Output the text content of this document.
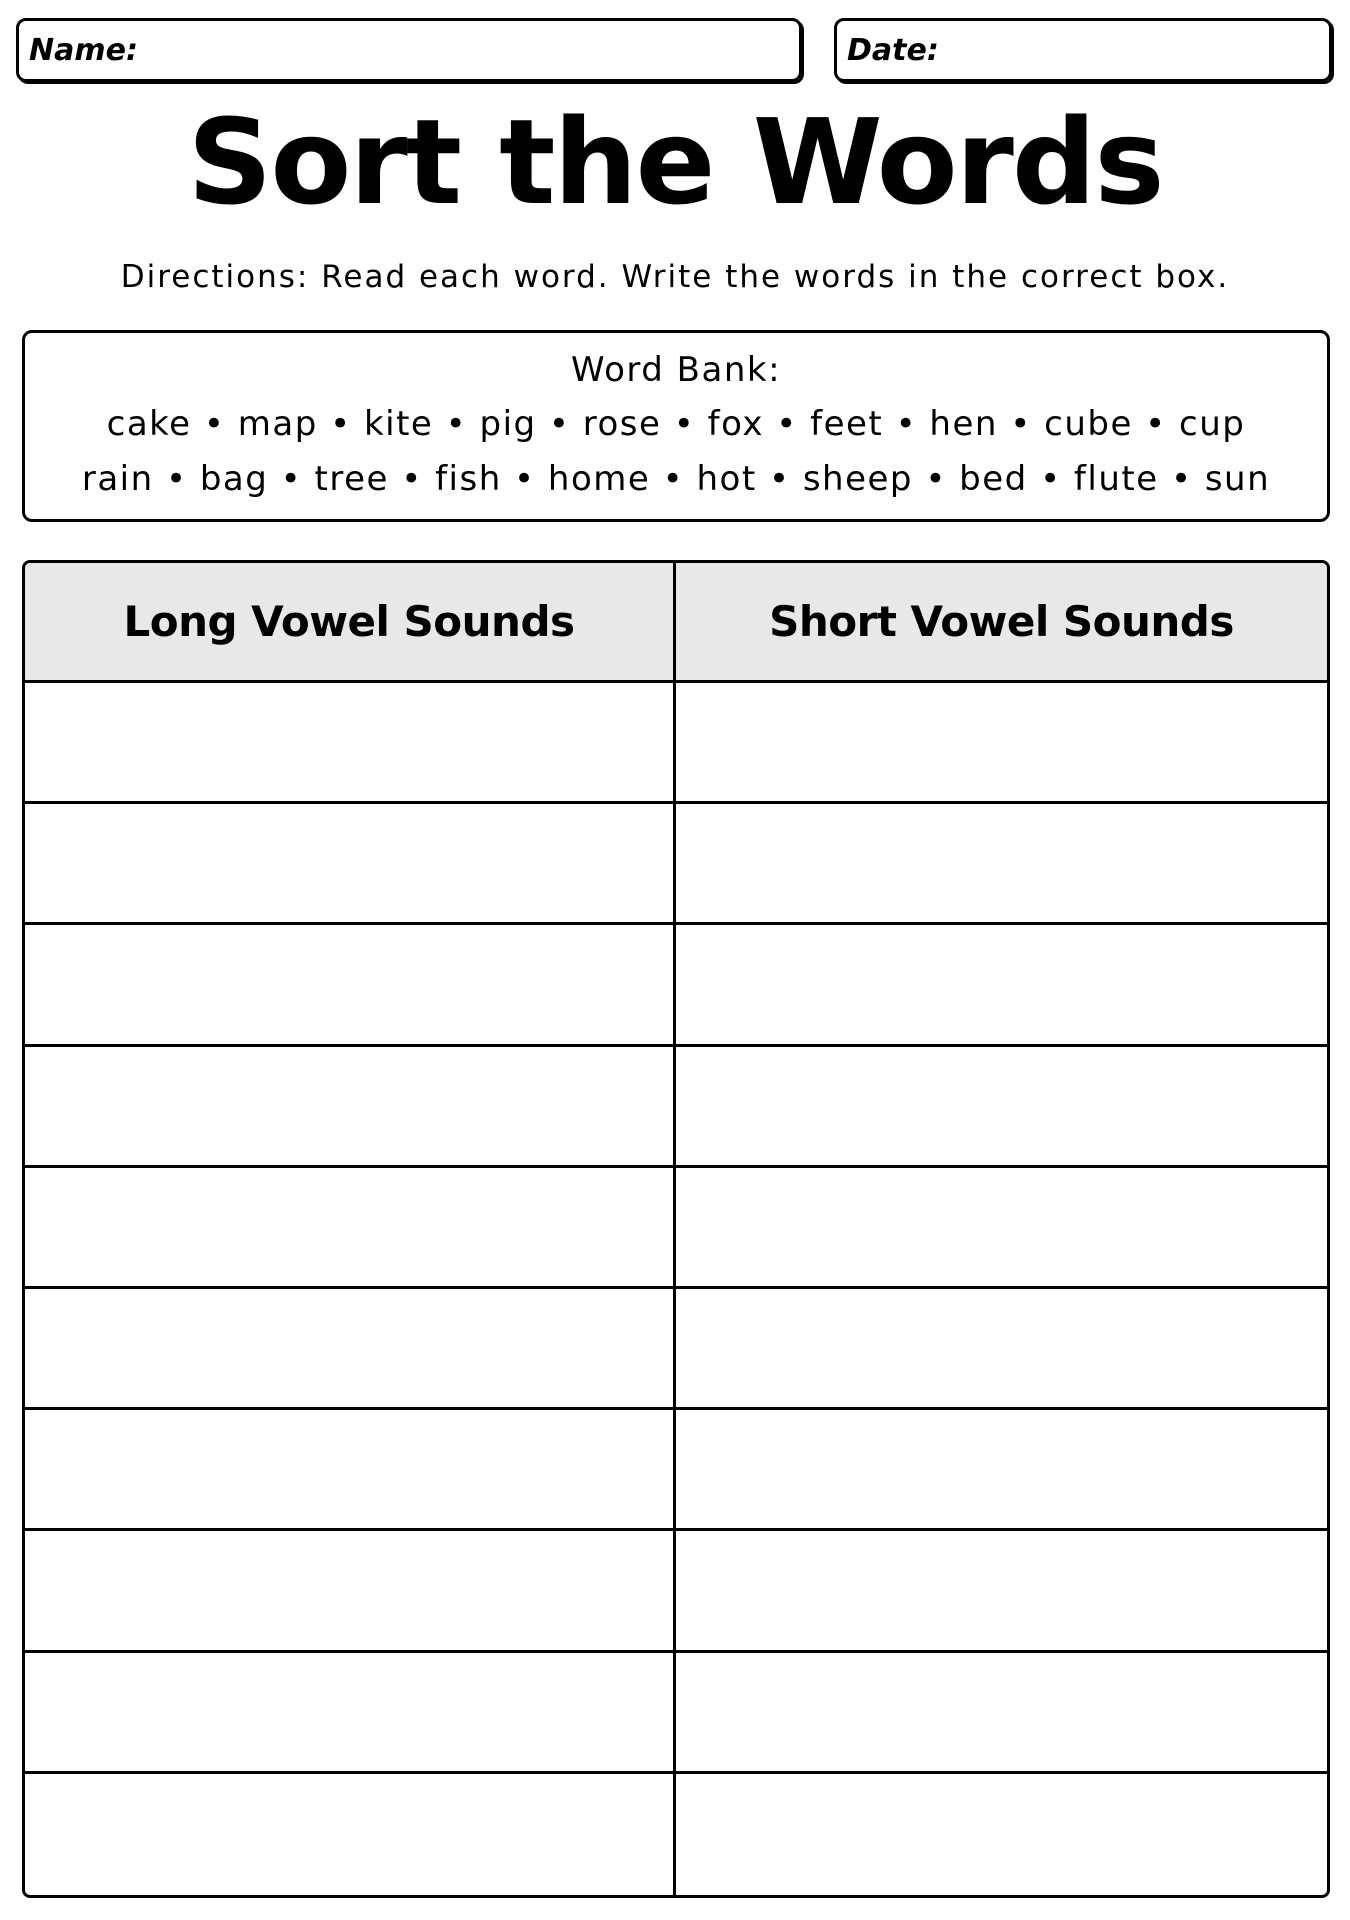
Name:	Date:
Sort the Words
Directions: Read each word. Write the words in the correct box.
Word Bank:
cake • map • kite • pig • rose • fox • feet • hen • cube • cup
rain • bag • tree • fish • home • hot • sheep • bed • flute • sun
Long Vowel Sounds	Short Vowel Sounds
